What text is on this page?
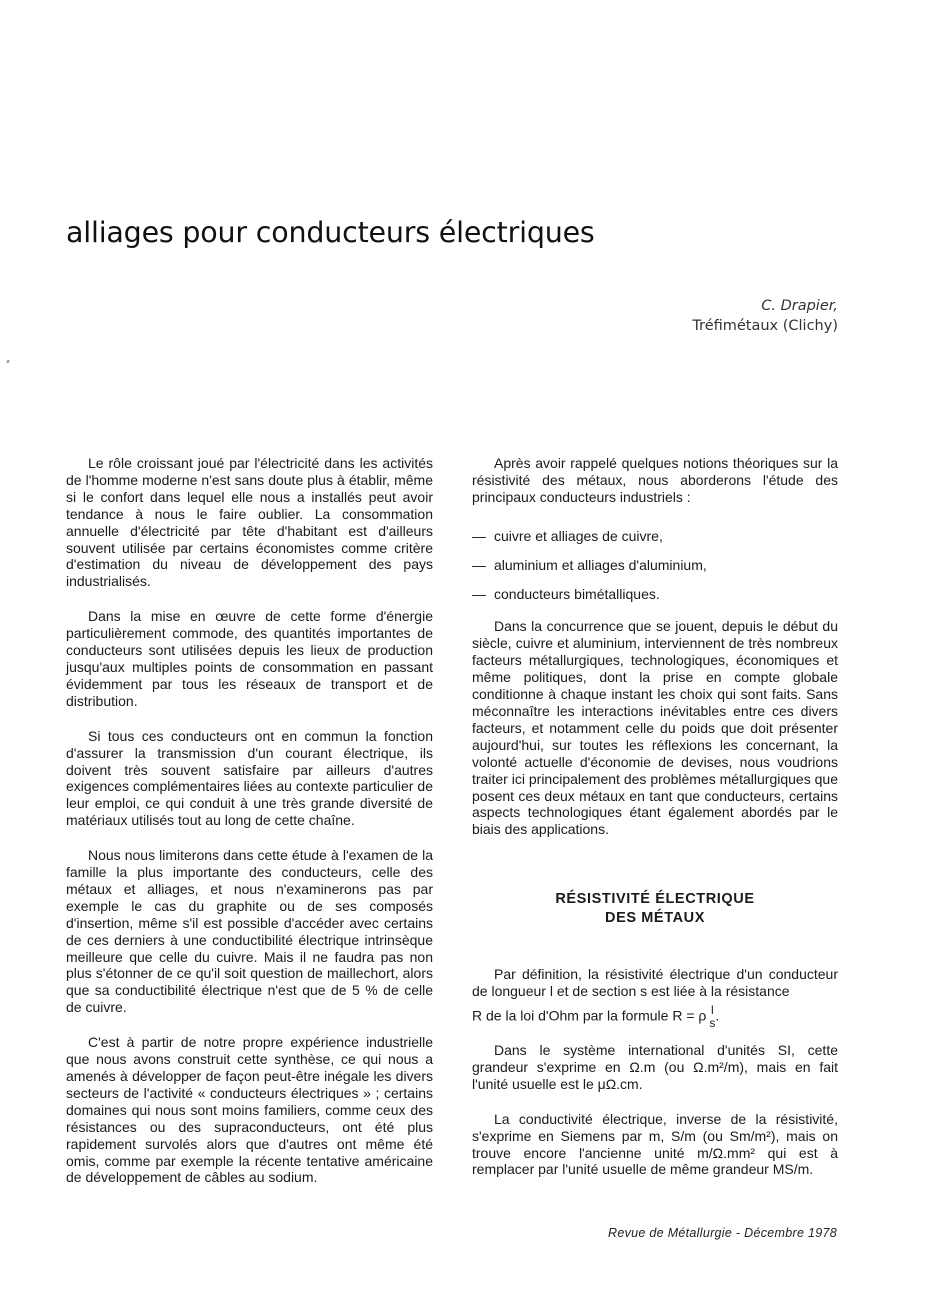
alliages pour conducteurs électriques
C. Drapier,
Tréfimétaux (Clichy)

Le rôle croissant joué par l'électricité dans les activités de l'homme moderne n'est sans doute plus à établir, même si le confort dans lequel elle nous a installés peut avoir tendance à nous le faire oublier. La consommation annuelle d'électricité par tête d'habitant est d'ailleurs souvent utilisée par certains économistes comme critère d'estimation du niveau de développement des pays industrialisés.

Dans la mise en œuvre de cette forme d'énergie particulièrement commode, des quantités importantes de conducteurs sont utilisées depuis les lieux de production jusqu'aux multiples points de consommation en passant évidemment par tous les réseaux de transport et de distribution.

Si tous ces conducteurs ont en commun la fonction d'assurer la transmission d'un courant électrique, ils doivent très souvent satisfaire par ailleurs d'autres exigences complémentaires liées au contexte particulier de leur emploi, ce qui conduit à une très grande diversité de matériaux utilisés tout au long de cette chaîne.

Nous nous limiterons dans cette étude à l'examen de la famille la plus importante des conducteurs, celle des métaux et alliages, et nous n'examinerons pas par exemple le cas du graphite ou de ses composés d'insertion, même s'il est possible d'accéder avec certains de ces derniers à une conductibilité électrique intrinsèque meilleure que celle du cuivre. Mais il ne faudra pas non plus s'étonner de ce qu'il soit question de maillechort, alors que sa conductibilité électrique n'est que de 5 % de celle de cuivre.

C'est à partir de notre propre expérience industrielle que nous avons construit cette synthèse, ce qui nous a amenés à développer de façon peut-être inégale les divers secteurs de l'activité « conducteurs électriques » ; certains domaines qui nous sont moins familiers, comme ceux des résistances ou des supraconducteurs, ont été plus rapidement survolés alors que d'autres ont même été omis, comme par exemple la récente tentative américaine de développement de câbles au sodium.

Après avoir rappelé quelques notions théoriques sur la résistivité des métaux, nous aborderons l'étude des principaux conducteurs industriels :

— cuivre et alliages de cuivre,
— aluminium et alliages d'aluminium,
— conducteurs bimétalliques.

Dans la concurrence que se jouent, depuis le début du siècle, cuivre et aluminium, interviennent de très nombreux facteurs métallurgiques, technologiques, économiques et même politiques, dont la prise en compte globale conditionne à chaque instant les choix qui sont faits. Sans méconnaître les interactions inévitables entre ces divers facteurs, et notamment celle du poids que doit présenter aujourd'hui, sur toutes les réflexions les concernant, la volonté actuelle d'économie de devises, nous voudrions traiter ici principalement des problèmes métallurgiques que posent ces deux métaux en tant que conducteurs, certains aspects technologiques étant également abordés par le biais des applications.

RÉSISTIVITÉ ÉLECTRIQUE
DES MÉTAUX

Par définition, la résistivité électrique d'un conducteur de longueur l et de section s est liée à la résistance

R de la loi d'Ohm par la formule R = ρ l
s .

Dans le système international d'unités SI, cette grandeur s'exprime en Ω.m (ou Ω.m²/m), mais en fait l'unité usuelle est le μΩ.cm.

La conductivité électrique, inverse de la résistivité, s'exprime en Siemens par m, S/m (ou Sm/m²), mais on trouve encore l'ancienne unité m/Ω.mm² qui est à remplacer par l'unité usuelle de même grandeur MS/m.

Revue de Métallurgie - Décembre 1978
